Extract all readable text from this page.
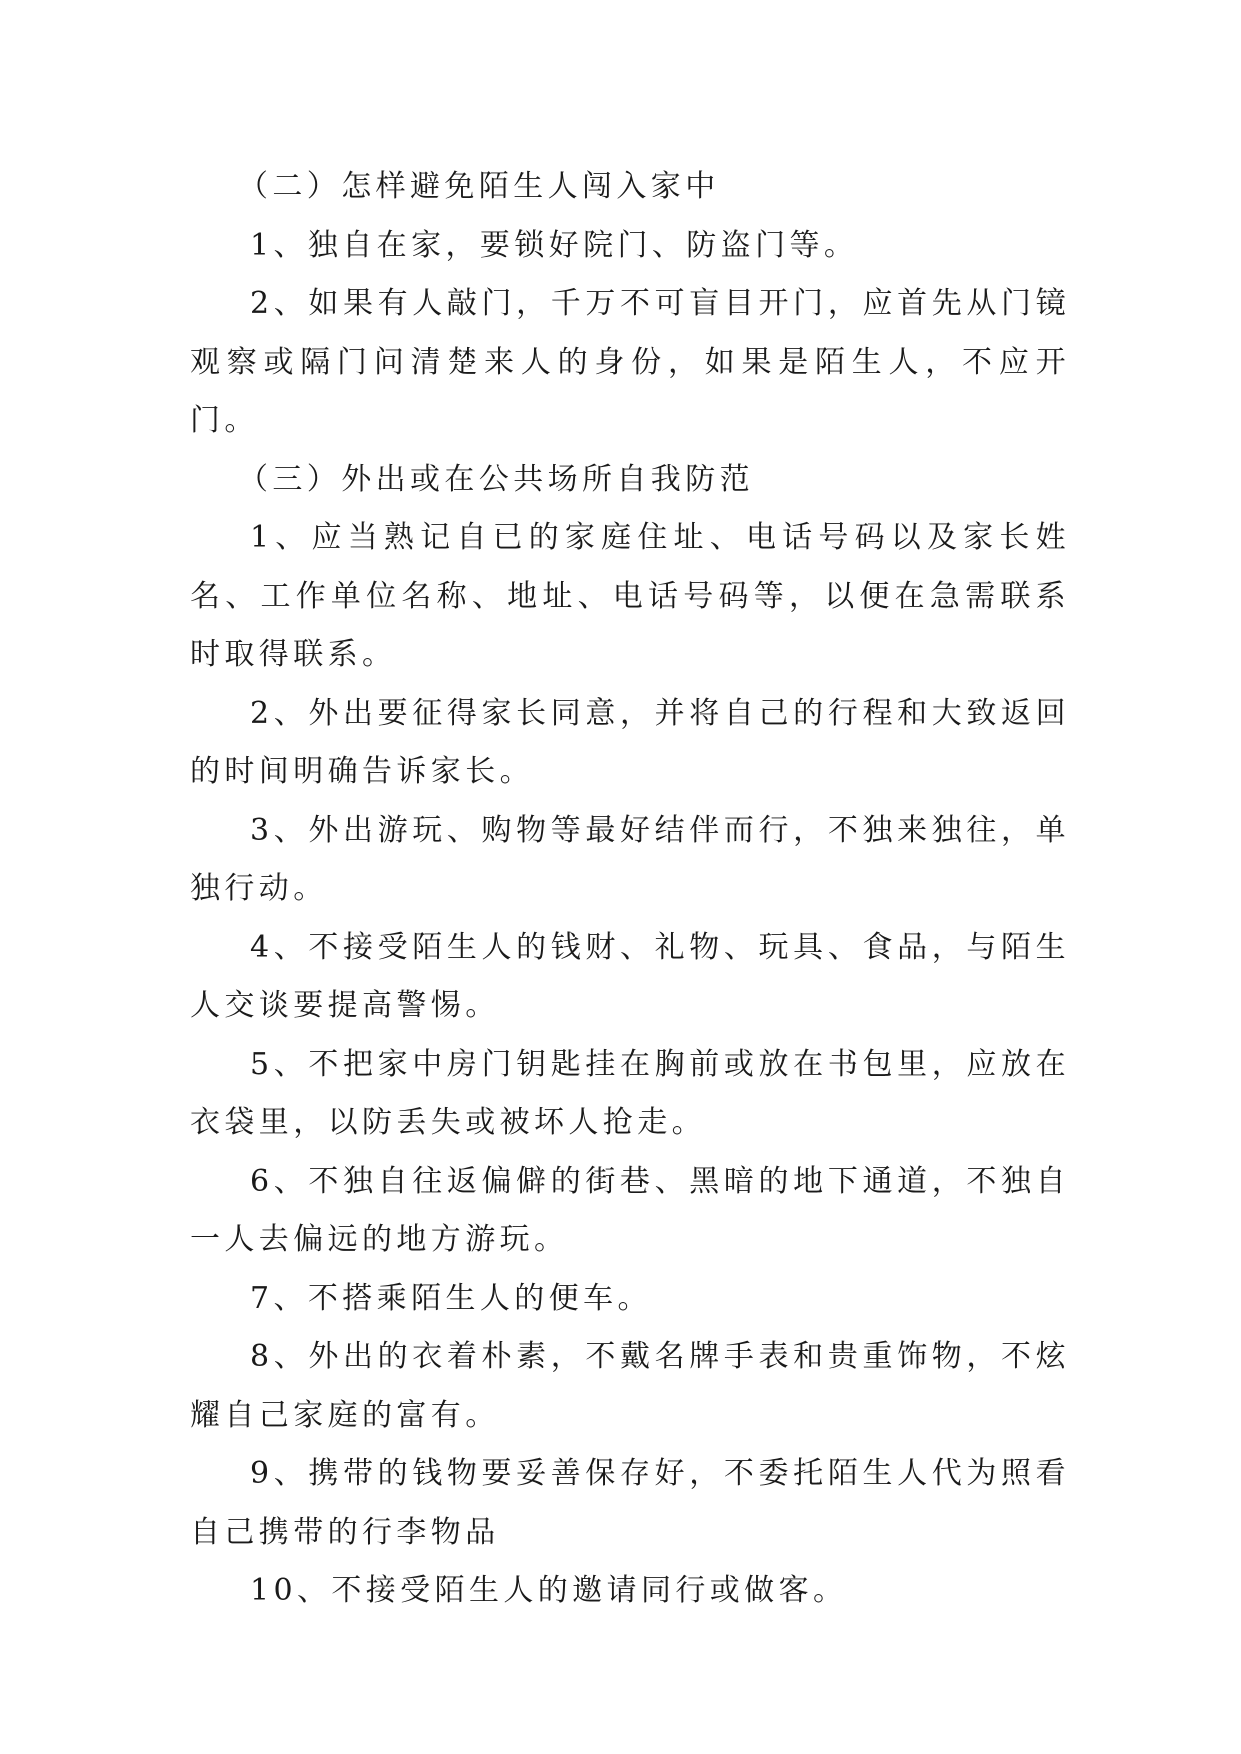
（二）怎样避免陌生人闯入家中

1、独自在家，要锁好院门、防盗门等。

2、如果有人敲门，千万不可盲目开门，应首先从门镜观察或隔门问清楚来人的身份，如果是陌生人，不应开门。

（三）外出或在公共场所自我防范

1、应当熟记自已的家庭住址、电话号码以及家长姓名、工作单位名称、地址、电话号码等，以便在急需联系时取得联系。

2、外出要征得家长同意，并将自己的行程和大致返回的时间明确告诉家长。

3、外出游玩、购物等最好结伴而行，不独来独往，单独行动。

4、不接受陌生人的钱财、礼物、玩具、食品，与陌生人交谈要提高警惕。

5、不把家中房门钥匙挂在胸前或放在书包里，应放在衣袋里，以防丢失或被坏人抢走。

6、不独自往返偏僻的街巷、黑暗的地下通道，不独自一人去偏远的地方游玩。

7、不搭乘陌生人的便车。

8、外出的衣着朴素，不戴名牌手表和贵重饰物，不炫耀自己家庭的富有。

9、携带的钱物要妥善保存好，不委托陌生人代为照看自己携带的行李物品

10、不接受陌生人的邀请同行或做客。
